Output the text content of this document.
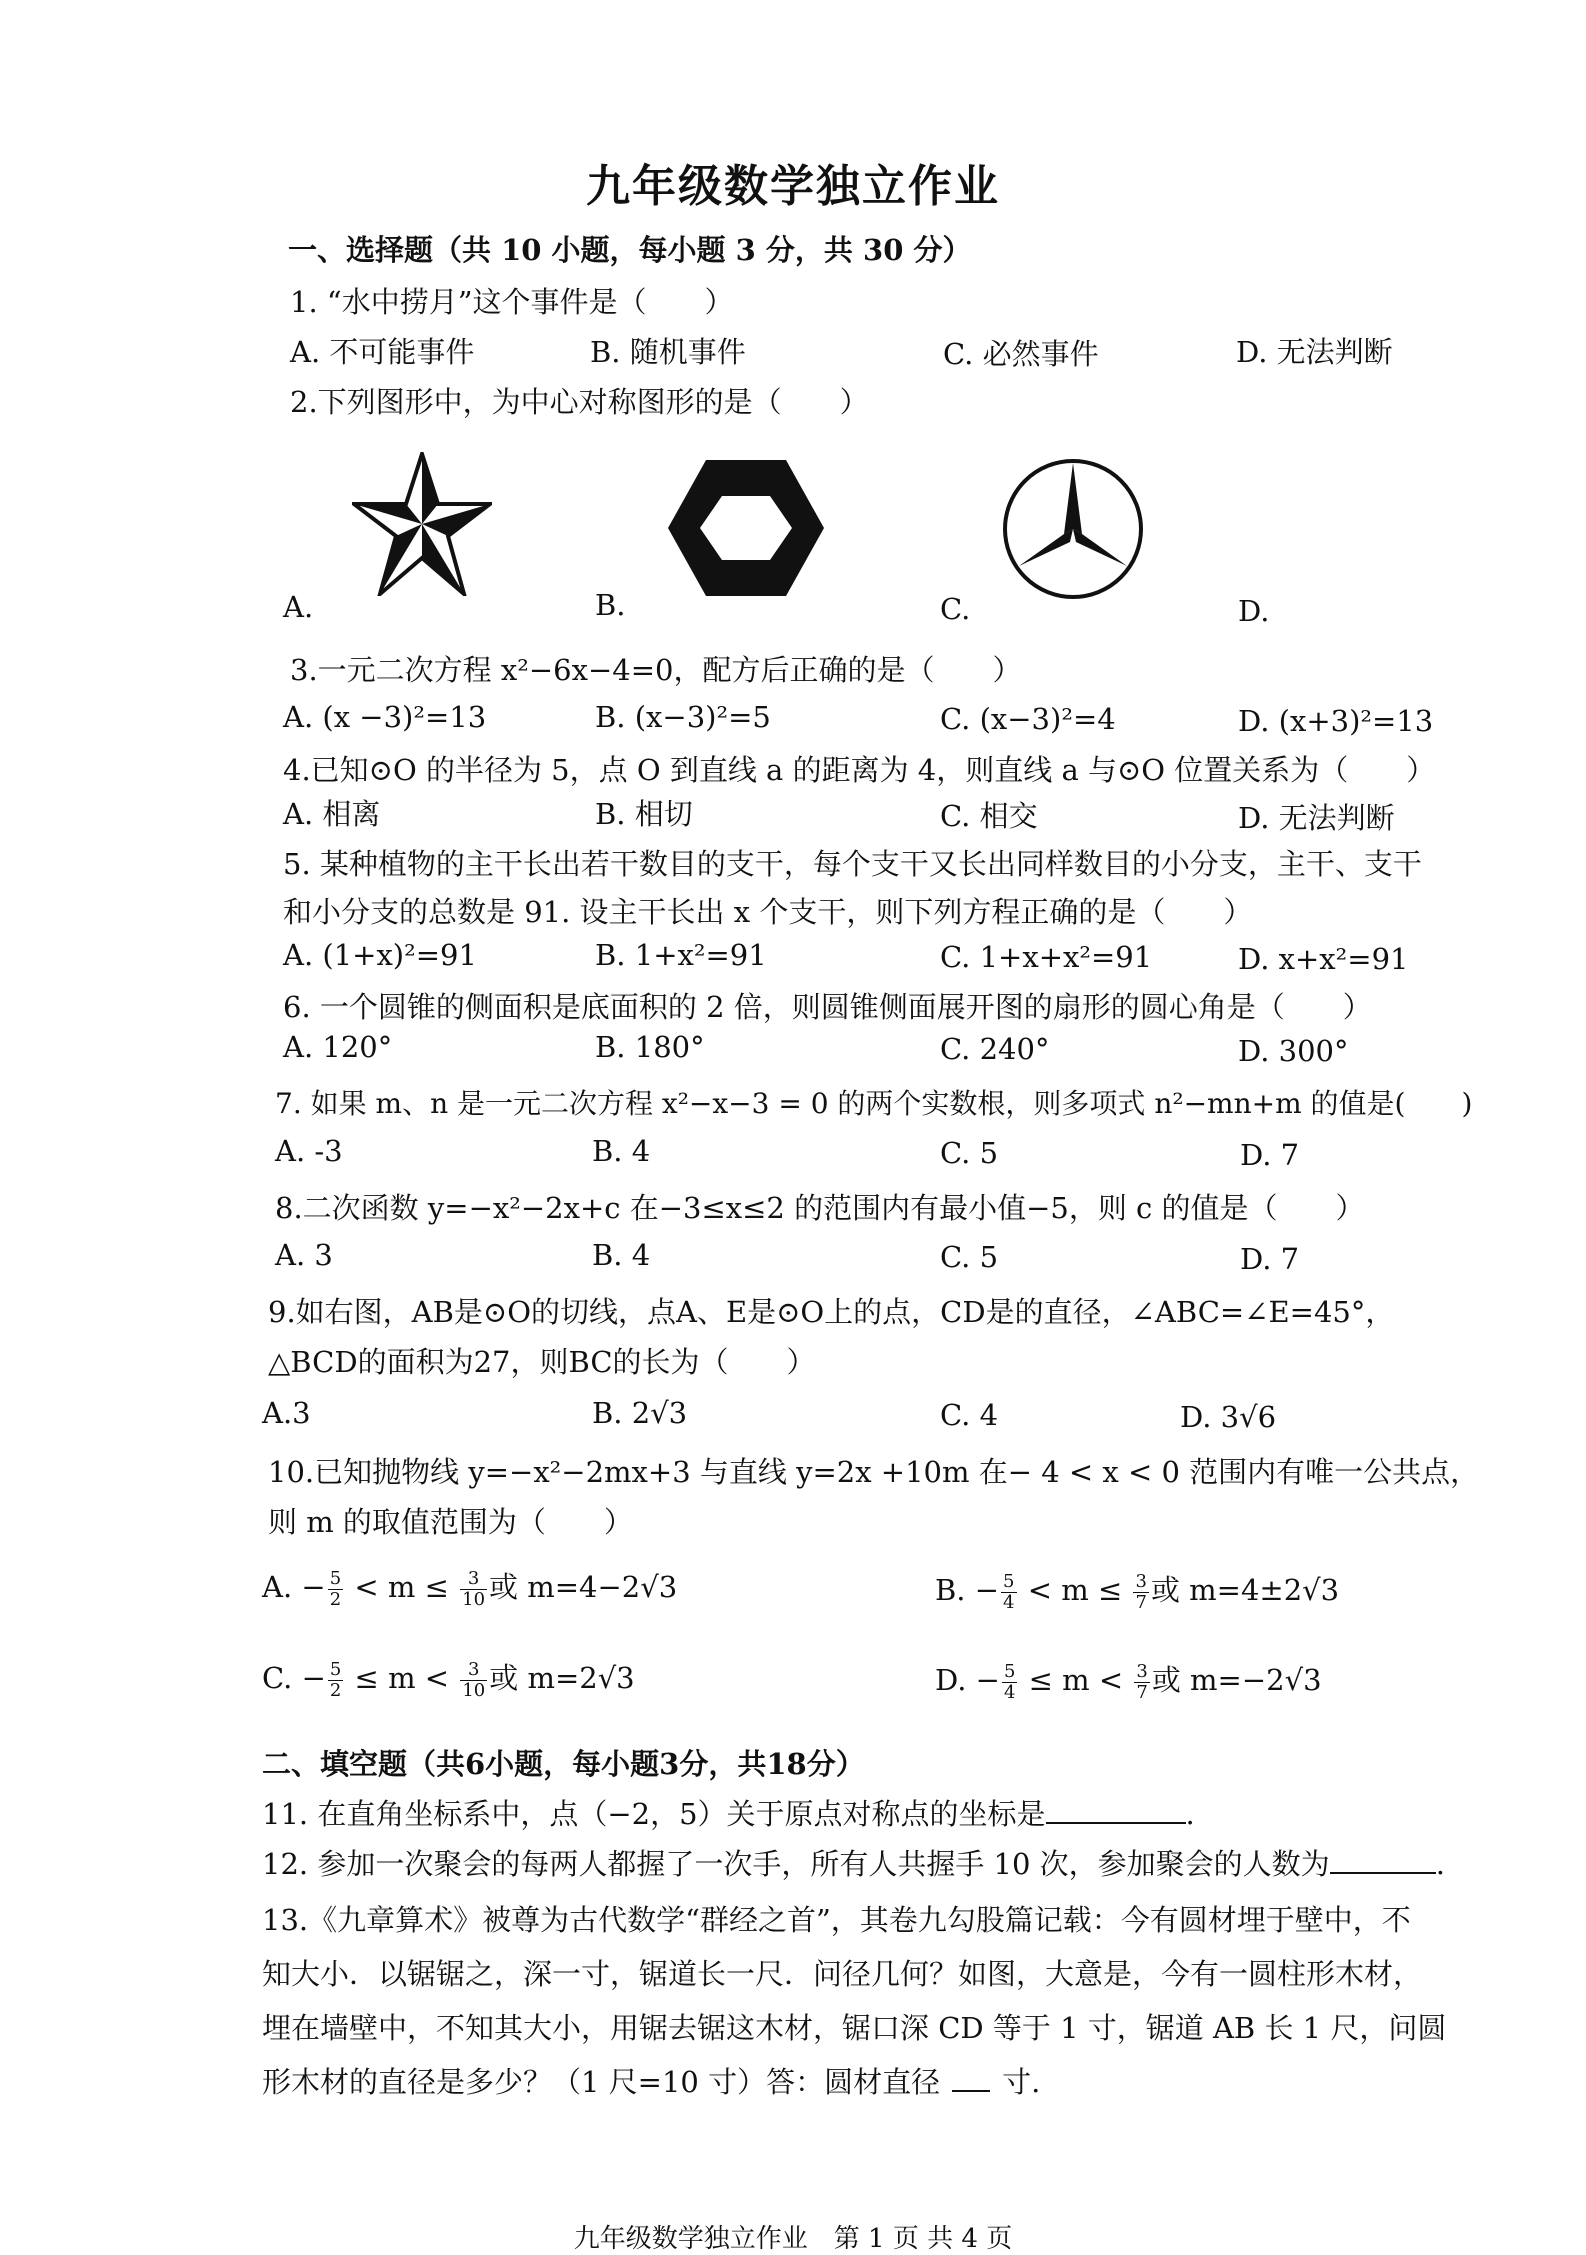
九年级数学独立作业
一、选择题（共 10 小题，每小题 3 分，共 30 分）
1. “水中捞月”这个事件是（　　）
A. 不可能事件	B. 随机事件	C. 必然事件	D. 无法判断
2.下列图形中，为中心对称图形的是（　　）
A.	B.	C.	D.
3.一元二次方程 x²−6x−4=0，配方后正确的是（　　）
A. (x −3)²=13	B. (x−3)²=5	C. (x−3)²=4	D. (x+3)²=13
4.已知⊙O 的半径为 5，点 O 到直线 a 的距离为 4，则直线 a 与⊙O 位置关系为（　　）
A. 相离	B. 相切	C. 相交	D. 无法判断
5. 某种植物的主干长出若干数目的支干，每个支干又长出同样数目的小分支，主干、支干
和小分支的总数是 91. 设主干长出 x 个支干，则下列方程正确的是（　　）
A. (1+x)²=91	B. 1+x²=91	C. 1+x+x²=91	D. x+x²=91
6. 一个圆锥的侧面积是底面积的 2 倍，则圆锥侧面展开图的扇形的圆心角是（　　）
A. 120°	B. 180°	C. 240°	D. 300°
7. 如果 m、n 是一元二次方程 x²−x−3 = 0 的两个实数根，则多项式 n²−mn+m 的值是(　　)
A. -3	B. 4	C. 5	D. 7
8.二次函数 y=−x²−2x+c 在−3≤x≤2 的范围内有最小值−5，则 c 的值是（　　）
A. 3	B. 4	C. 5	D. 7
9.如右图，AB是⊙O的切线，点A、E是⊙O上的点，CD是的直径，∠ABC=∠E=45°，
△BCD的面积为27，则BC的长为（　　）
A.3	B. 2√3	C. 4	D. 3√6
10.已知抛物线 y=−x²−2mx+3 与直线 y=2x +10m 在− 4 < x < 0 范围内有唯一公共点，
则 m 的取值范围为（　　）
A. − $\frac{5}{2} < m \le \frac{3}{10}$ 或 m=4−2√3	B. − $\frac{5}{4} < m \le \frac{3}{7}$ 或 m=4±2√3
C. − $\frac{5}{2} \le m < \frac{3}{10}$ 或 m=2√3	D. − $\frac{5}{4} \le m < \frac{3}{7}$ 或 m=−2√3
二、填空题（共6小题，每小题3分，共18分）
11. 在直角坐标系中，点（−2，5）关于原点对称点的坐标是	.
12. 参加一次聚会的每两人都握了一次手，所有人共握手 10 次，参加聚会的人数为	.
13.《九章算术》被尊为古代数学“群经之首”，其卷九勾股篇记载：今有圆材埋于壁中，不
知大小．以锯锯之，深一寸，锯道长一尺．问径几何？如图，大意是，今有一圆柱形木材，
埋在墙壁中，不知其大小，用锯去锯这木材，锯口深 CD 等于 1 寸，锯道 AB 长 1 尺，问圆
形木材的直径是多少？（1 尺=10 寸）答：圆材直径 寸.
九年级数学独立作业　第 1 页 共 4 页
